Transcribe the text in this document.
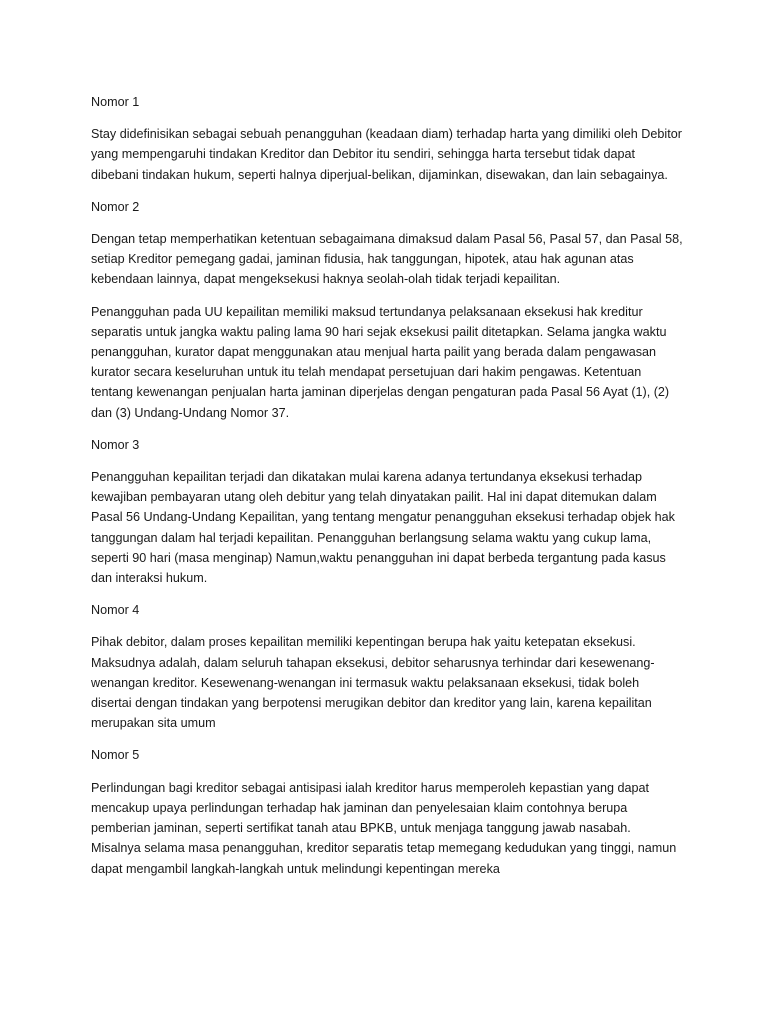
Nomor 1

Stay didefinisikan sebagai sebuah penangguhan (keadaan diam) terhadap harta yang dimiliki oleh Debitor yang mempengaruhi tindakan Kreditor dan Debitor itu sendiri, sehingga harta tersebut tidak dapat dibebani tindakan hukum, seperti halnya diperjual-belikan, dijaminkan, disewakan, dan lain sebagainya.

Nomor 2

Dengan tetap memperhatikan ketentuan sebagaimana dimaksud dalam Pasal 56, Pasal 57, dan Pasal 58, setiap Kreditor pemegang gadai, jaminan fidusia, hak tanggungan, hipotek, atau hak agunan atas kebendaan lainnya, dapat mengeksekusi haknya seolah-olah tidak terjadi kepailitan.

Penangguhan pada UU kepailitan memiliki maksud tertundanya pelaksanaan eksekusi hak kreditur separatis untuk jangka waktu paling lama 90 hari sejak eksekusi pailit ditetapkan. Selama jangka waktu penangguhan, kurator dapat menggunakan atau menjual harta pailit yang berada dalam pengawasan kurator secara keseluruhan untuk itu telah mendapat persetujuan dari hakim pengawas. Ketentuan tentang kewenangan penjualan harta jaminan diperjelas dengan pengaturan pada Pasal 56 Ayat (1), (2) dan (3) Undang-Undang Nomor 37.

Nomor 3

Penangguhan kepailitan terjadi dan dikatakan mulai karena adanya tertundanya eksekusi terhadap kewajiban pembayaran utang oleh debitur yang telah dinyatakan pailit. Hal ini dapat ditemukan dalam Pasal 56 Undang-Undang Kepailitan, yang tentang mengatur penangguhan eksekusi terhadap objek hak tanggungan dalam hal terjadi kepailitan. Penangguhan berlangsung selama waktu yang cukup lama, seperti 90 hari (masa menginap) Namun,waktu penangguhan ini dapat berbeda tergantung pada kasus dan interaksi hukum.

Nomor 4

Pihak debitor, dalam proses kepailitan memiliki kepentingan berupa hak yaitu ketepatan eksekusi. Maksudnya adalah, dalam seluruh tahapan eksekusi, debitor seharusnya terhindar dari kesewenang-wenangan kreditor. Kesewenang-wenangan ini termasuk waktu pelaksanaan eksekusi, tidak boleh disertai dengan tindakan yang berpotensi merugikan debitor dan kreditor yang lain, karena kepailitan merupakan sita umum

Nomor 5

Perlindungan bagi kreditor sebagai antisipasi ialah kreditor harus memperoleh kepastian yang dapat mencakup upaya perlindungan terhadap hak jaminan dan penyelesaian klaim contohnya berupa pemberian jaminan, seperti sertifikat tanah atau BPKB, untuk menjaga tanggung jawab nasabah. Misalnya selama masa penangguhan, kreditor separatis tetap memegang kedudukan yang tinggi, namun dapat mengambil langkah-langkah untuk melindungi kepentingan mereka
